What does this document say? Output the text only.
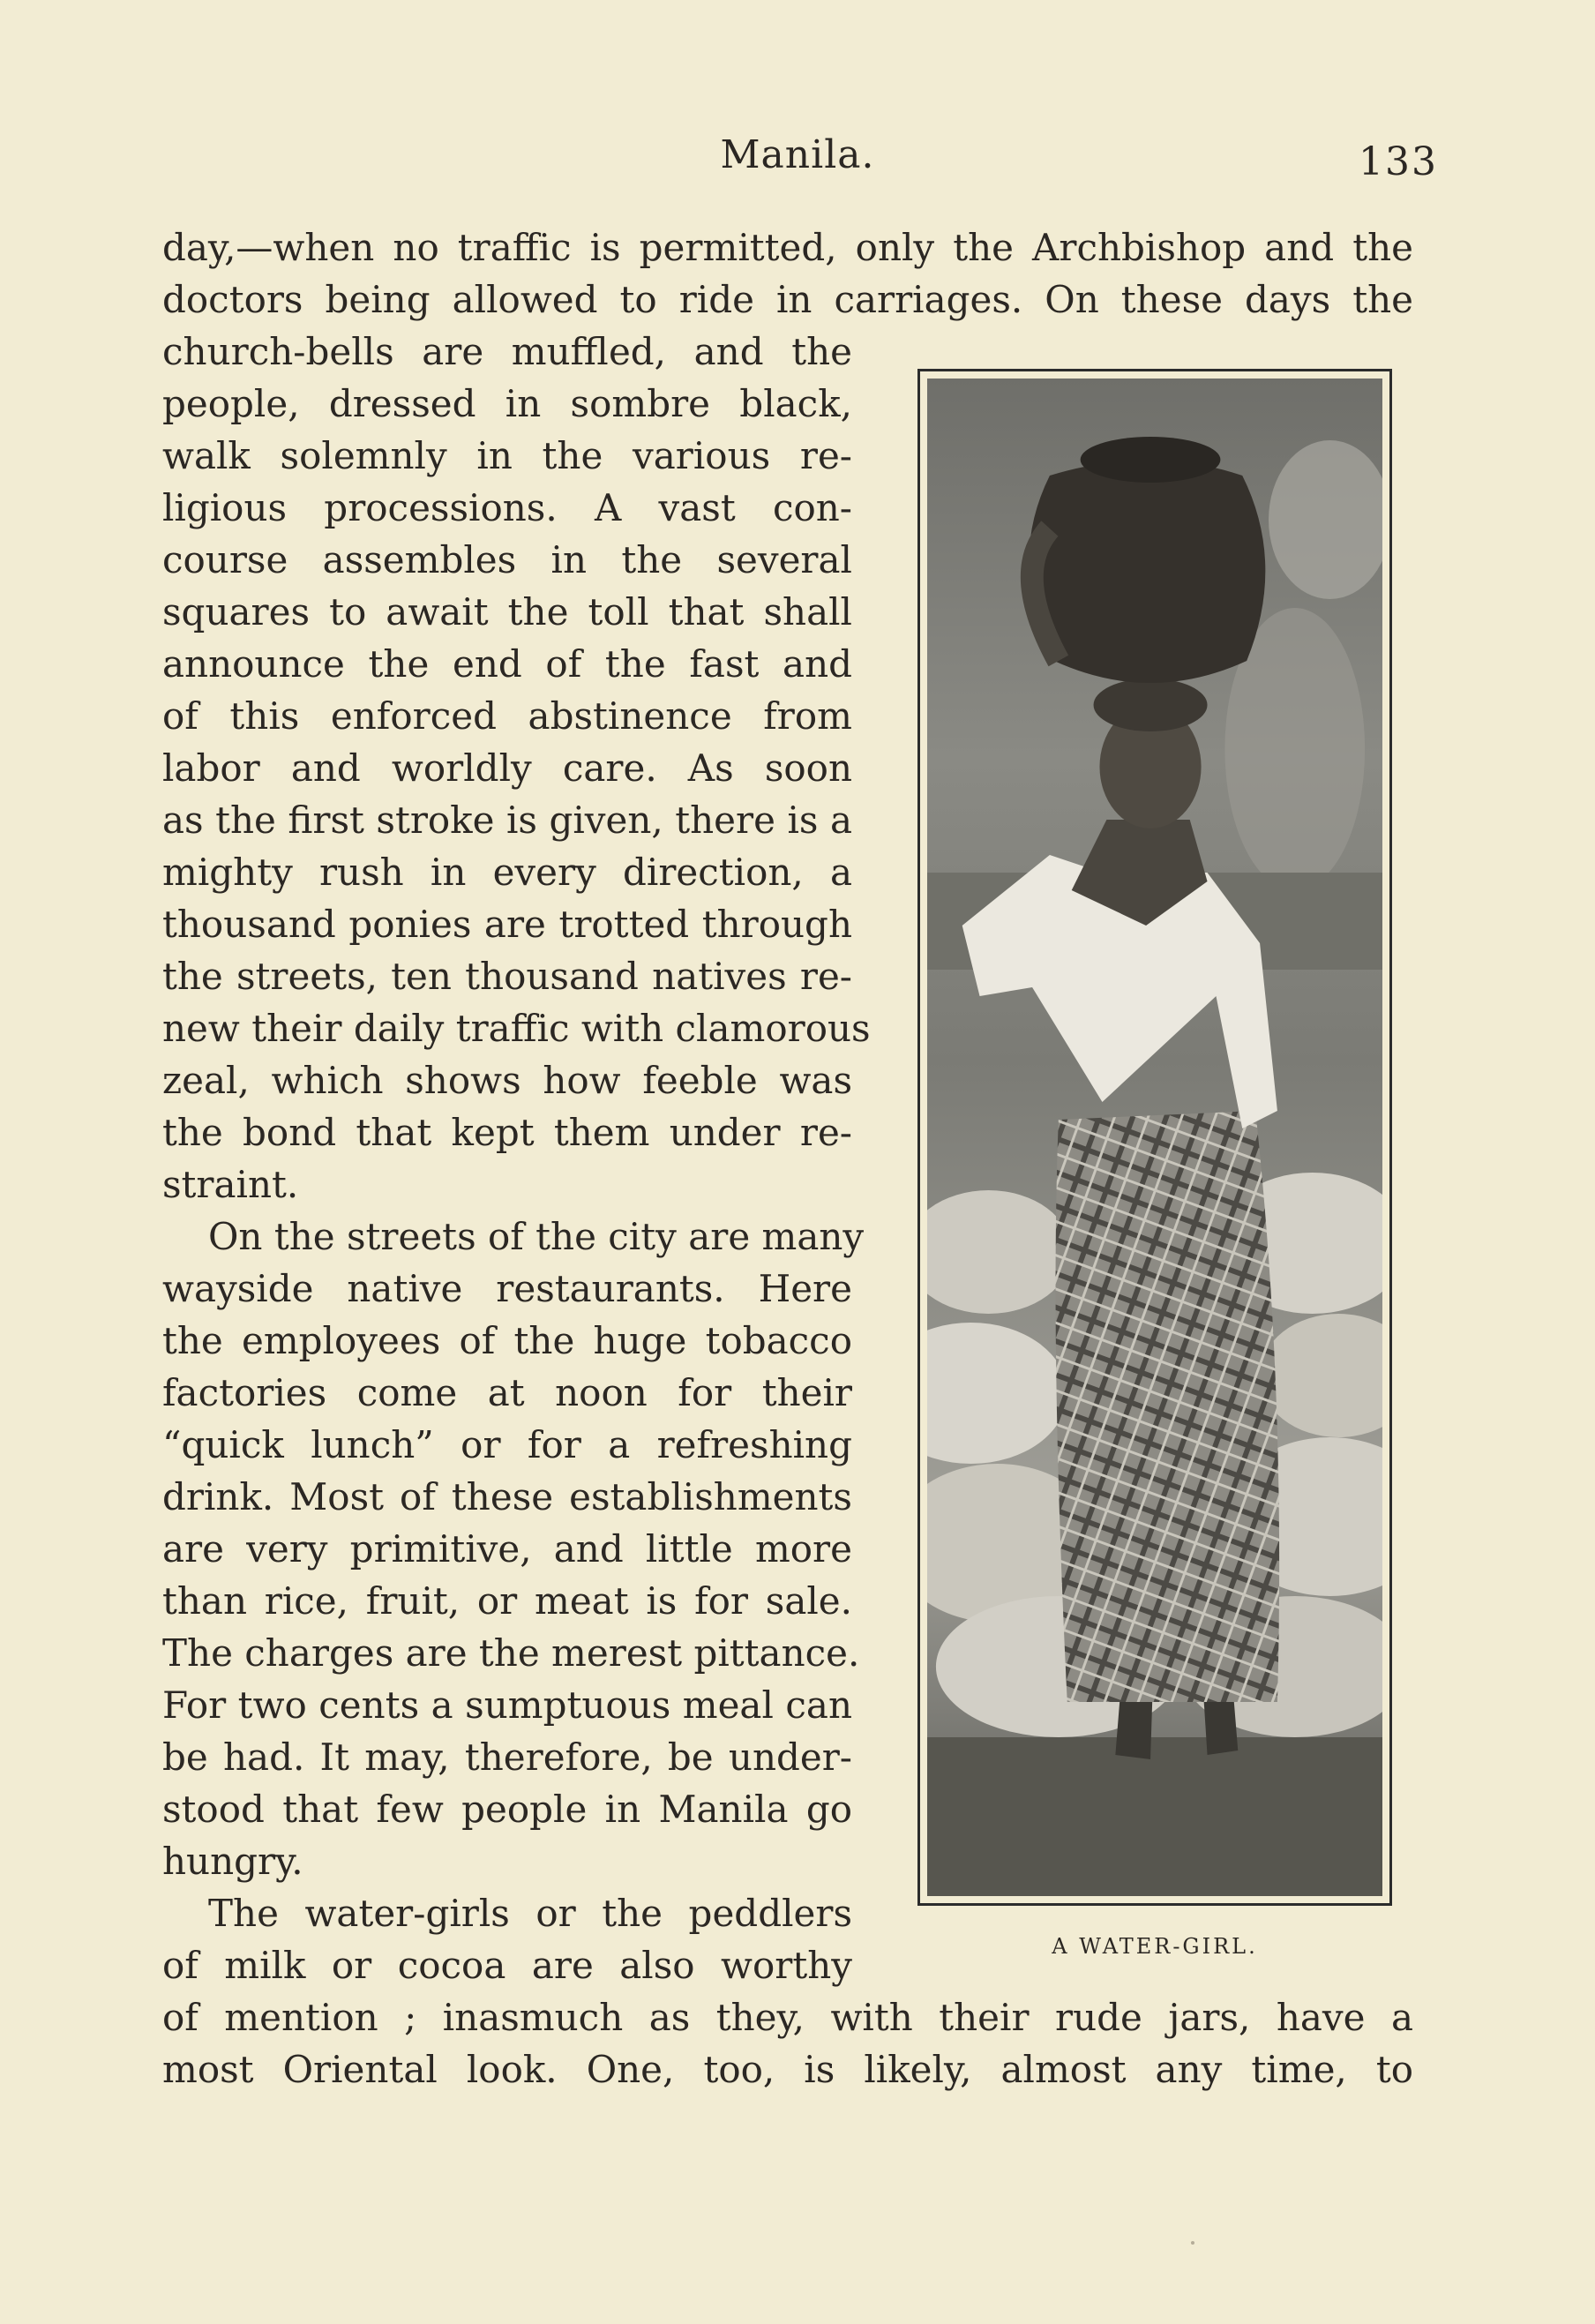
Manila.	133
day,—when no traffic is permitted, only the Archbishop and the
doctors being allowed to ride in carriages. On these days the
church-bells are muffled, and the
people, dressed in sombre black,
walk solemnly in the various re-
ligious processions. A vast con-
course assembles in the several
squares to await the toll that shall
announce the end of the fast and
of this enforced abstinence from
labor and worldly care. As soon
as the first stroke is given, there is a
mighty rush in every direction, a
thousand ponies are trotted through
the streets, ten thousand natives re-
new their daily traffic with clamorous
zeal, which shows how feeble was
the bond that kept them under re-
straint.
On the streets of the city are many
wayside native restaurants. Here
the employees of the huge tobacco
factories come at noon for their
“quick lunch” or for a refreshing
drink. Most of these establishments
are very primitive, and little more
than rice, fruit, or meat is for sale.
The charges are the merest pittance.
For two cents a sumptuous meal can
be had. It may, therefore, be under-
stood that few people in Manila go
hungry.
The water-girls or the peddlers
of milk or cocoa are also worthy
of mention ; inasmuch as they, with their rude jars, have a
most Oriental look. One, too, is likely, almost any time, to
A WATER-GIRL.
